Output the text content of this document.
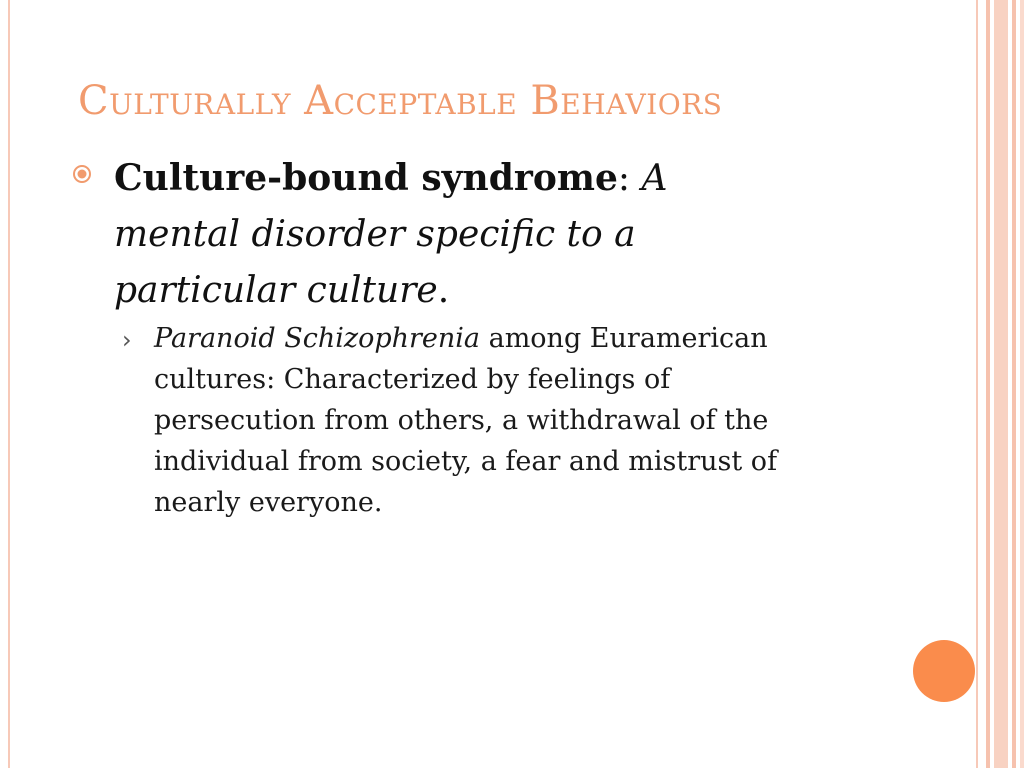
Culturally Acceptable Behaviors
Culture-bound syndrome: A mental disorder specific to a particular culture.
› Paranoid Schizophrenia among Euramerican cultures: Characterized by feelings of persecution from others, a withdrawal of the individual from society, a fear and mistrust of nearly everyone.
